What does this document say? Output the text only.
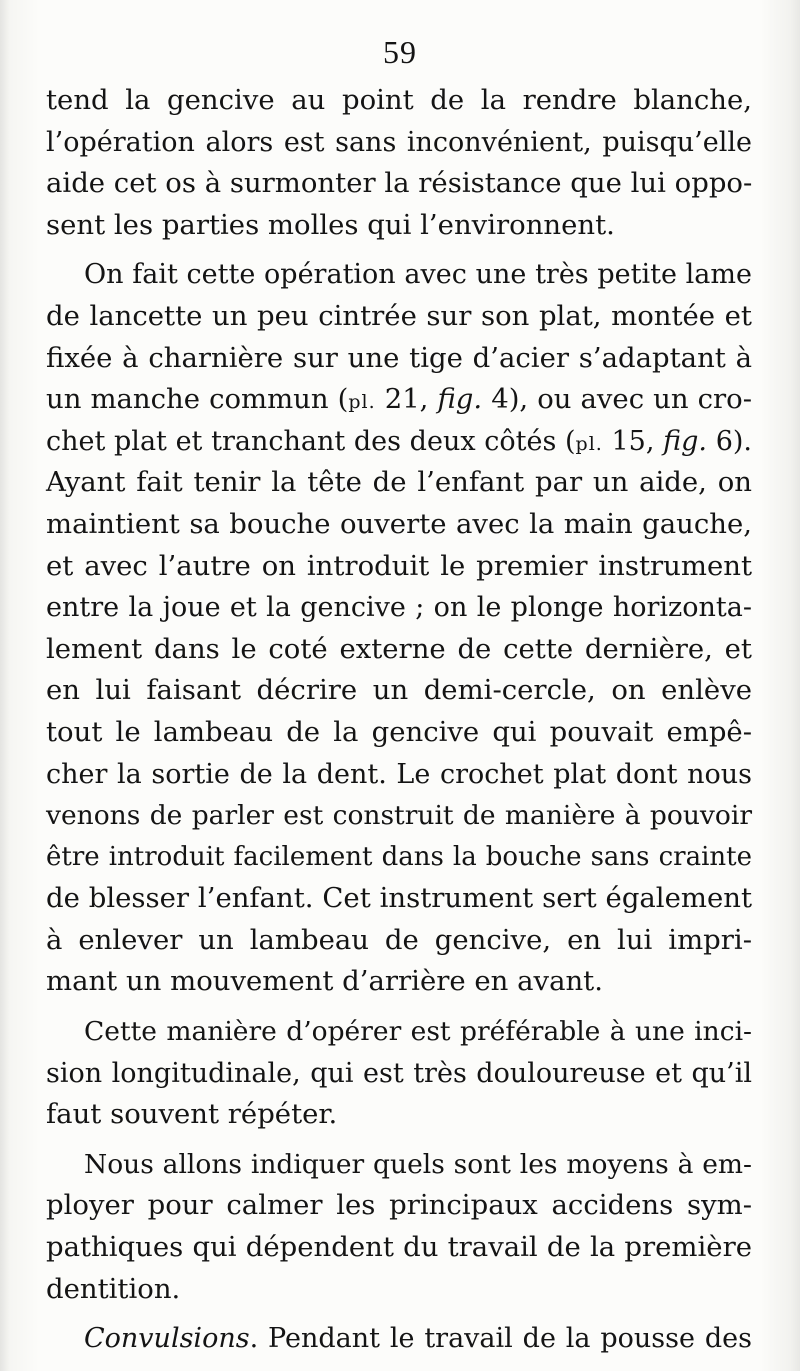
59
tend la gencive au point de la rendre blanche,
l’opération alors est sans inconvénient, puisqu’elle
aide cet os à surmonter la résistance que lui oppo-
sent les parties molles qui l’environnent.
On fait cette opération avec une très petite lame
de lancette un peu cintrée sur son plat, montée et
fixée à charnière sur une tige d’acier s’adaptant à
un manche commun (pl. 21, fig. 4), ou avec un cro-
chet plat et tranchant des deux côtés (pl. 15, fig. 6).
Ayant fait tenir la tête de l’enfant par un aide, on
maintient sa bouche ouverte avec la main gauche,
et avec l’autre on introduit le premier instrument
entre la joue et la gencive ; on le plonge horizonta-
lement dans le coté externe de cette dernière, et
en lui faisant décrire un demi-cercle, on enlève
tout le lambeau de la gencive qui pouvait empê-
cher la sortie de la dent. Le crochet plat dont nous
venons de parler est construit de manière à pouvoir
être introduit facilement dans la bouche sans crainte
de blesser l’enfant. Cet instrument sert également
à enlever un lambeau de gencive, en lui impri-
mant un mouvement d’arrière en avant.
Cette manière d’opérer est préférable à une inci-
sion longitudinale, qui est très douloureuse et qu’il
faut souvent répéter.
Nous allons indiquer quels sont les moyens à em-
ployer pour calmer les principaux accidens sym-
pathiques qui dépendent du travail de la première
dentition.
Convulsions. Pendant le travail de la pousse des
